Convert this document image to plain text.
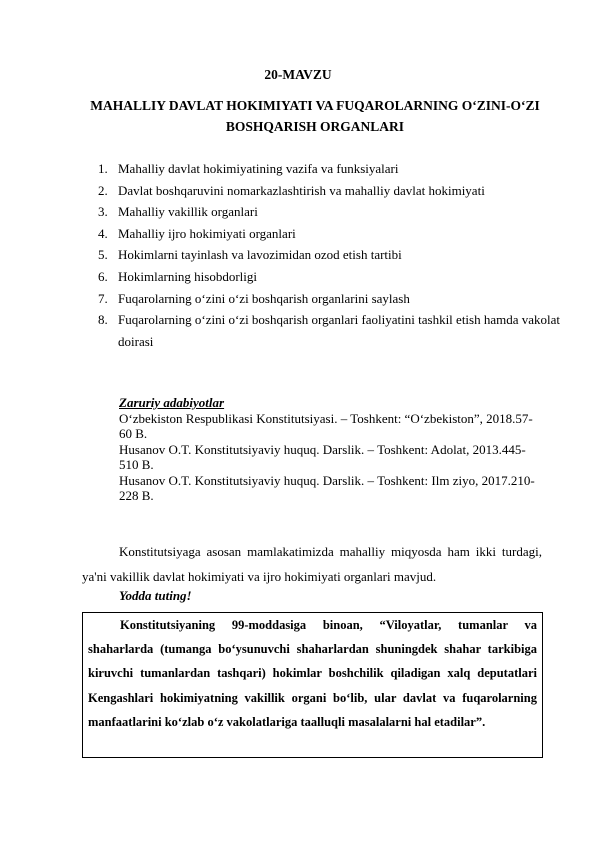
20-MAVZU
MAHALLIY DAVLAT HOKIMIYATI VA FUQAROLARNING O‘ZINI-O‘ZI BOSHQARISH ORGANLARI
1. Mahalliy davlat hokimiyatining vazifa va funksiyalari
2. Davlat boshqaruvini nomarkazlashtirish va mahalliy davlat hokimiyati
3. Mahalliy vakillik organlari
4. Mahalliy ijro hokimiyati organlari
5. Hokimlarni tayinlash va lavozimidan ozod etish tartibi
6. Hokimlarning hisobdorligi
7. Fuqarolarning o‘zini o‘zi boshqarish organlarini saylash
8. Fuqarolarning o‘zini o‘zi boshqarish organlari faoliyatini tashkil etish hamda vakolat doirasi
Zaruriy adabiyotlar
O‘zbekiston Respublikasi Konstitutsiyasi. – Toshkent: “O‘zbekiston”, 2018.57-60 B.
Husanov O.T. Konstitutsiyaviy huquq. Darslik. – Toshkent: Adolat, 2013.445-510 B.
Husanov O.T. Konstitutsiyaviy huquq. Darslik. – Toshkent: Ilm ziyo, 2017.210-228 B.
Konstitutsiyaga asosan mamlakatimizda mahalliy miqyosda ham ikki turdagi, ya'ni vakillik davlat hokimiyati va ijro hokimiyati organlari mavjud.
Yodda tuting!
Konstitutsiyaning 99-moddasiga binoan, “Viloyatlar, tumanlar va shaharlarda (tumanga bo‘ysunuvchi shaharlardan shuningdek shahar tarkibiga kiruvchi tumanlardan tashqari) hokimlar boshchilik qiladigan xalq deputatlari Kengashlari hokimiyatning vakillik organi bo‘lib, ular davlat va fuqarolarning manfaatlarini ko‘zlab o‘z vakolatlariga taalluqli masalalarni hal etadilar”.
